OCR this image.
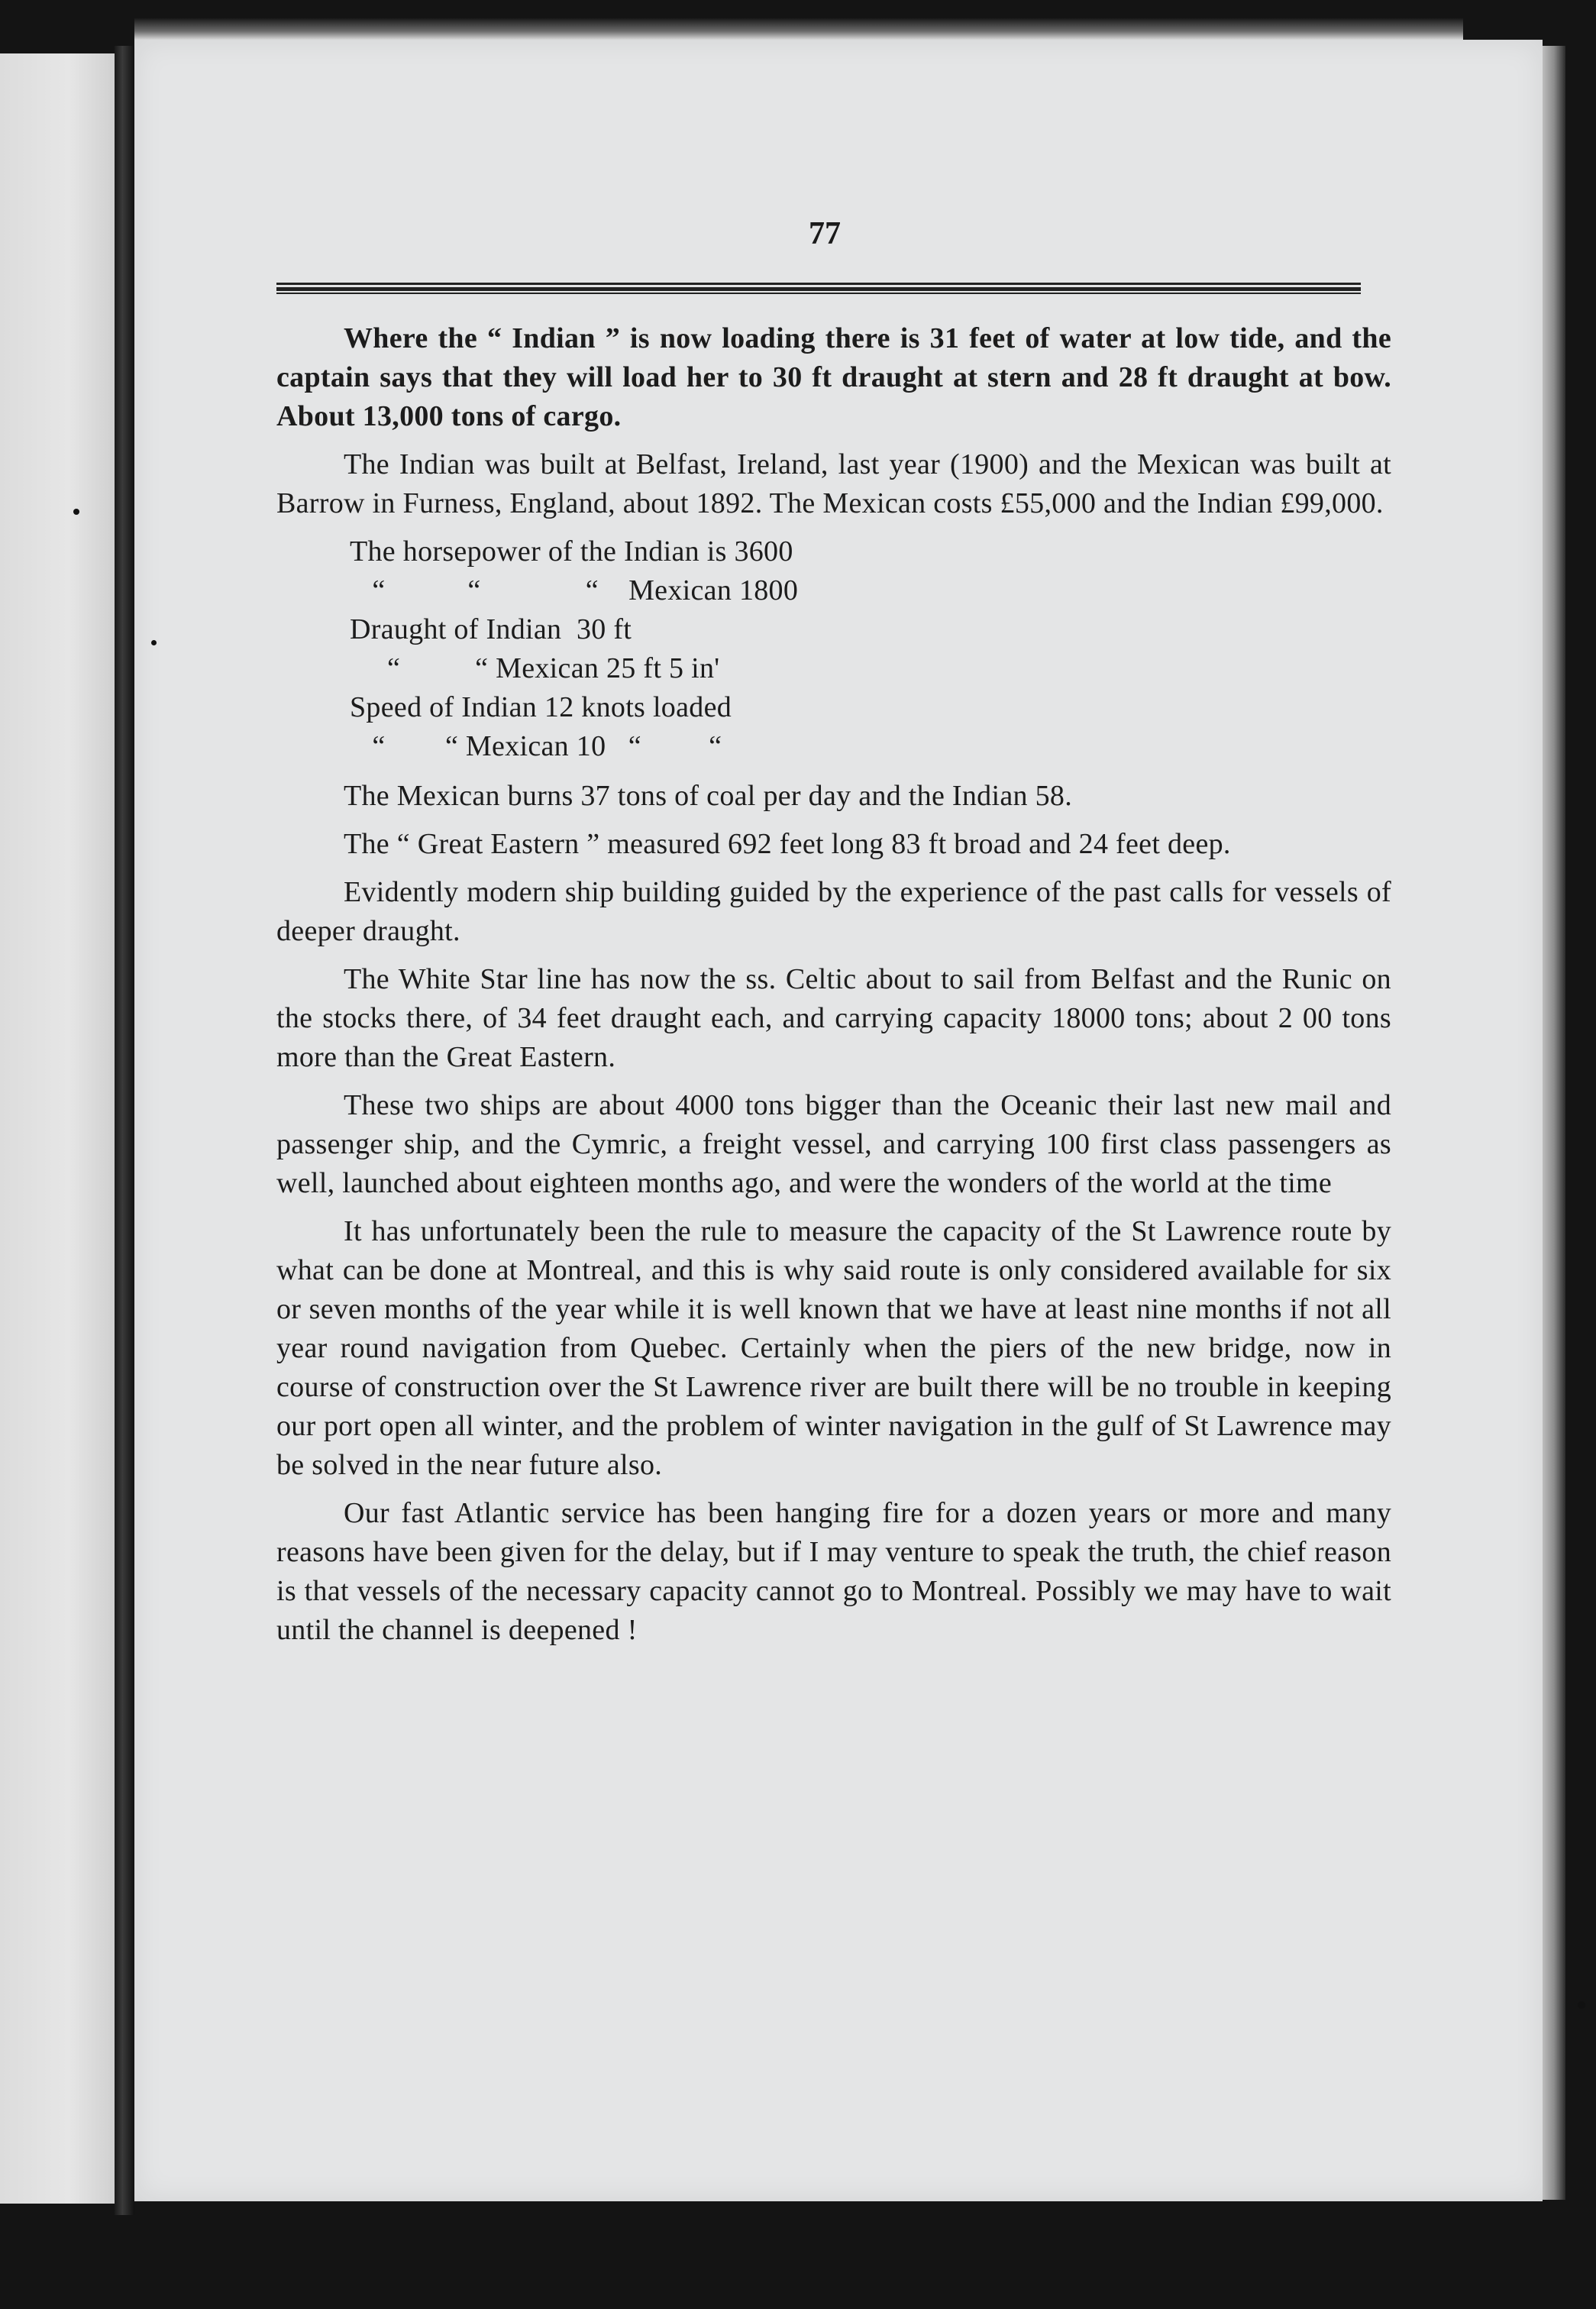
77

Where the “ Indian ” is now loading there is 31 feet of water at low tide, and the captain says that they will load her to 30 ft draught at stern and 28 ft draught at bow. About 13,000 tons of cargo.

The Indian was built at Belfast, Ireland, last year (1900) and the Mexican was built at Barrow in Furness, England, about 1892. The Mexican costs £55,000 and the Indian £99,000.

The horsepower of the Indian is 3600
“           “              “    Mexican 1800
Draught of Indian  30 ft
“          “ Mexican 25 ft 5 in'
Speed of Indian 12 knots loaded
“        “ Mexican 10   “         “

The Mexican burns 37 tons of coal per day and the Indian 58.

The “ Great Eastern ” measured 692 feet long 83 ft broad and 24 feet deep.

Evidently modern ship building guided by the experience of the past calls for vessels of deeper draught.

The White Star line has now the ss. Celtic about to sail from Belfast and the Runic on the stocks there, of 34 feet draught each, and carrying capacity 18000 tons; about 2 00 tons more than the Great Eastern.

These two ships are about 4000 tons bigger than the Oceanic their last new mail and passenger ship, and the Cymric, a freight vessel, and carrying 100 first class passengers as well, launched about eighteen months ago, and were the wonders of the world at the time

It has unfortunately been the rule to measure the capacity of the St Lawrence route by what can be done at Montreal, and this is why said route is only considered available for six or seven months of the year while it is well known that we have at least nine months if not all year round navigation from Quebec. Certainly when the piers of the new bridge, now in course of construction over the St Lawrence river are built there will be no trouble in keeping our port open all winter, and the problem of winter navigation in the gulf of St Lawrence may be solved in the near future also.

Our fast Atlantic service has been hanging fire for a dozen years or more and many reasons have been given for the delay, but if I may venture to speak the truth, the chief reason is that vessels of the necessary capacity cannot go to Montreal. Possibly we may have to wait until the channel is deepened !
